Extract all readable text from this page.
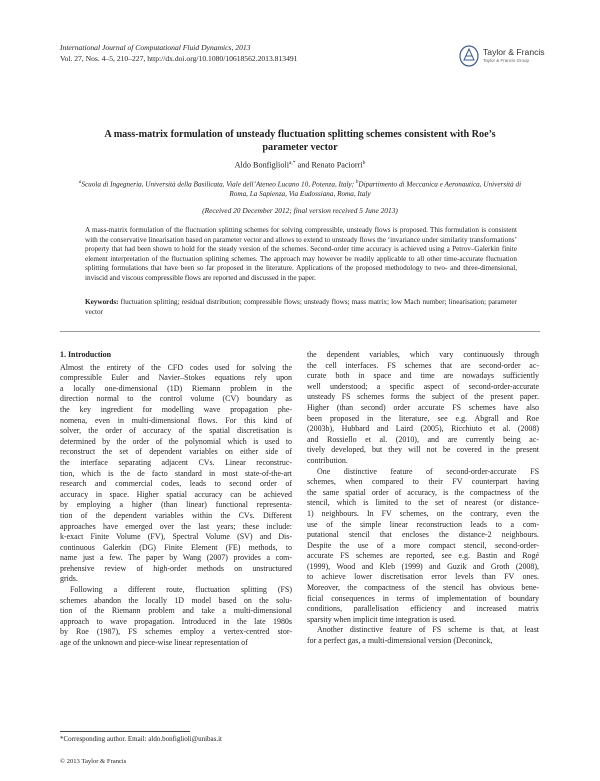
International Journal of Computational Fluid Dynamics, 2013
Vol. 27, Nos. 4–5, 210–227, http://dx.doi.org/10.1080/10618562.2013.813491
Taylor & Francis
Taylor & Francis Group
A mass-matrix formulation of unsteady fluctuation splitting schemes consistent with Roe’s
parameter vector
Aldo Bonfiglioli$^{a,*}$ and Renato Paciorri$^b$
$^a$Scuola di Ingegneria, Università della Basilicata, Viale dell’Ateneo Lucano 10, Potenza, Italy; $^b$Dipartimento di Meccanica e Aeronautica, Università di Roma, La Sapienza, Via Eudossiana, Roma, Italy
(Received 20 December 2012; final version received 5 June 2013)
A mass-matrix formulation of the fluctuation splitting schemes for solving compressible, unsteady flows is proposed. This formulation is consistent with the conservative linearisation based on parameter vector and allows to extend to unsteady flows the ‘invariance under similarity transformations’ property that had been shown to hold for the steady version of the schemes. Second-order time accuracy is achieved using a Petrov–Galerkin finite element interpretation of the fluctuation splitting schemes. The approach may however be readily applicable to all other time-accurate fluctuation splitting formulations that have been so far proposed in the literature. Applications of the proposed methodology to two- and three-dimensional, inviscid and viscous compressible flows are reported and discussed in the paper.
Keywords: fluctuation splitting; residual distribution; compressible flows; unsteady flows; mass matrix; low Mach number; linearisation; parameter vector
1. Introduction
Almost the entirety of the CFD codes used for solving the
compressible Euler and Navier–Stokes equations rely upon
a locally one-dimensional (1D) Riemann problem in the
direction normal to the control volume (CV) boundary as
the key ingredient for modelling wave propagation phe-
nomena, even in multi-dimensional flows. For this kind of
solver, the order of accuracy of the spatial discretisation is
determined by the order of the polynomial which is used to
reconstruct the set of dependent variables on either side of
the interface separating adjacent CVs. Linear reconstruc-
tion, which is the de facto standard in most state-of-the-art
research and commercial codes, leads to second order of
accuracy in space. Higher spatial accuracy can be achieved
by employing a higher (than linear) functional representa-
tion of the dependent variables within the CVs. Different
approaches have emerged over the last years; these include:
k-exact Finite Volume (FV), Spectral Volume (SV) and Dis-
continuous Galerkin (DG) Finite Element (FE) methods, to
name just a few. The paper by Wang (2007) provides a com-
prehensive review of high-order methods on unstructured
grids.
Following a different route, fluctuation splitting (FS)
schemes abandon the locally 1D model based on the solu-
tion of the Riemann problem and take a multi-dimensional
approach to wave propagation. Introduced in the late 1980s
by Roe (1987), FS schemes employ a vertex-centred stor-
age of the unknown and piece-wise linear representation of
the dependent variables, which vary continuously through
the cell interfaces. FS schemes that are second-order ac-
curate both in space and time are nowadays sufficiently
well understood; a specific aspect of second-order-accurate
unsteady FS schemes forms the subject of the present paper.
Higher (than second) order accurate FS schemes have also
been proposed in the literature, see e.g. Abgrall and Roe
(2003b), Hubbard and Laird (2005), Ricchiuto et al. (2008)
and Rossiello et al. (2010), and are currently being ac-
tively developed, but they will not be covered in the present
contribution.
One distinctive feature of second-order-accurate FS
schemes, when compared to their FV counterpart having
the same spatial order of accuracy, is the compactness of the
stencil, which is limited to the set of nearest (or distance-
1) neighbours. In FV schemes, on the contrary, even the
use of the simple linear reconstruction leads to a com-
putational stencil that encloses the distance-2 neighbours.
Despite the use of a more compact stencil, second-order-
accurate FS schemes are reported, see e.g. Bastin and Rogé
(1999), Wood and Kleb (1999) and Guzik and Groth (2008),
to achieve lower discretisation error levels than FV ones.
Moreover, the compactness of the stencil has obvious bene-
ficial consequences in terms of implementation of boundary
conditions, parallelisation efficiency and increased matrix
sparsity when implicit time integration is used.
Another distinctive feature of FS scheme is that, at least
for a perfect gas, a multi-dimensional version (Deconinck,
*Corresponding author. Email: aldo.bonfiglioli@unibas.it
© 2013 Taylor & Francis
